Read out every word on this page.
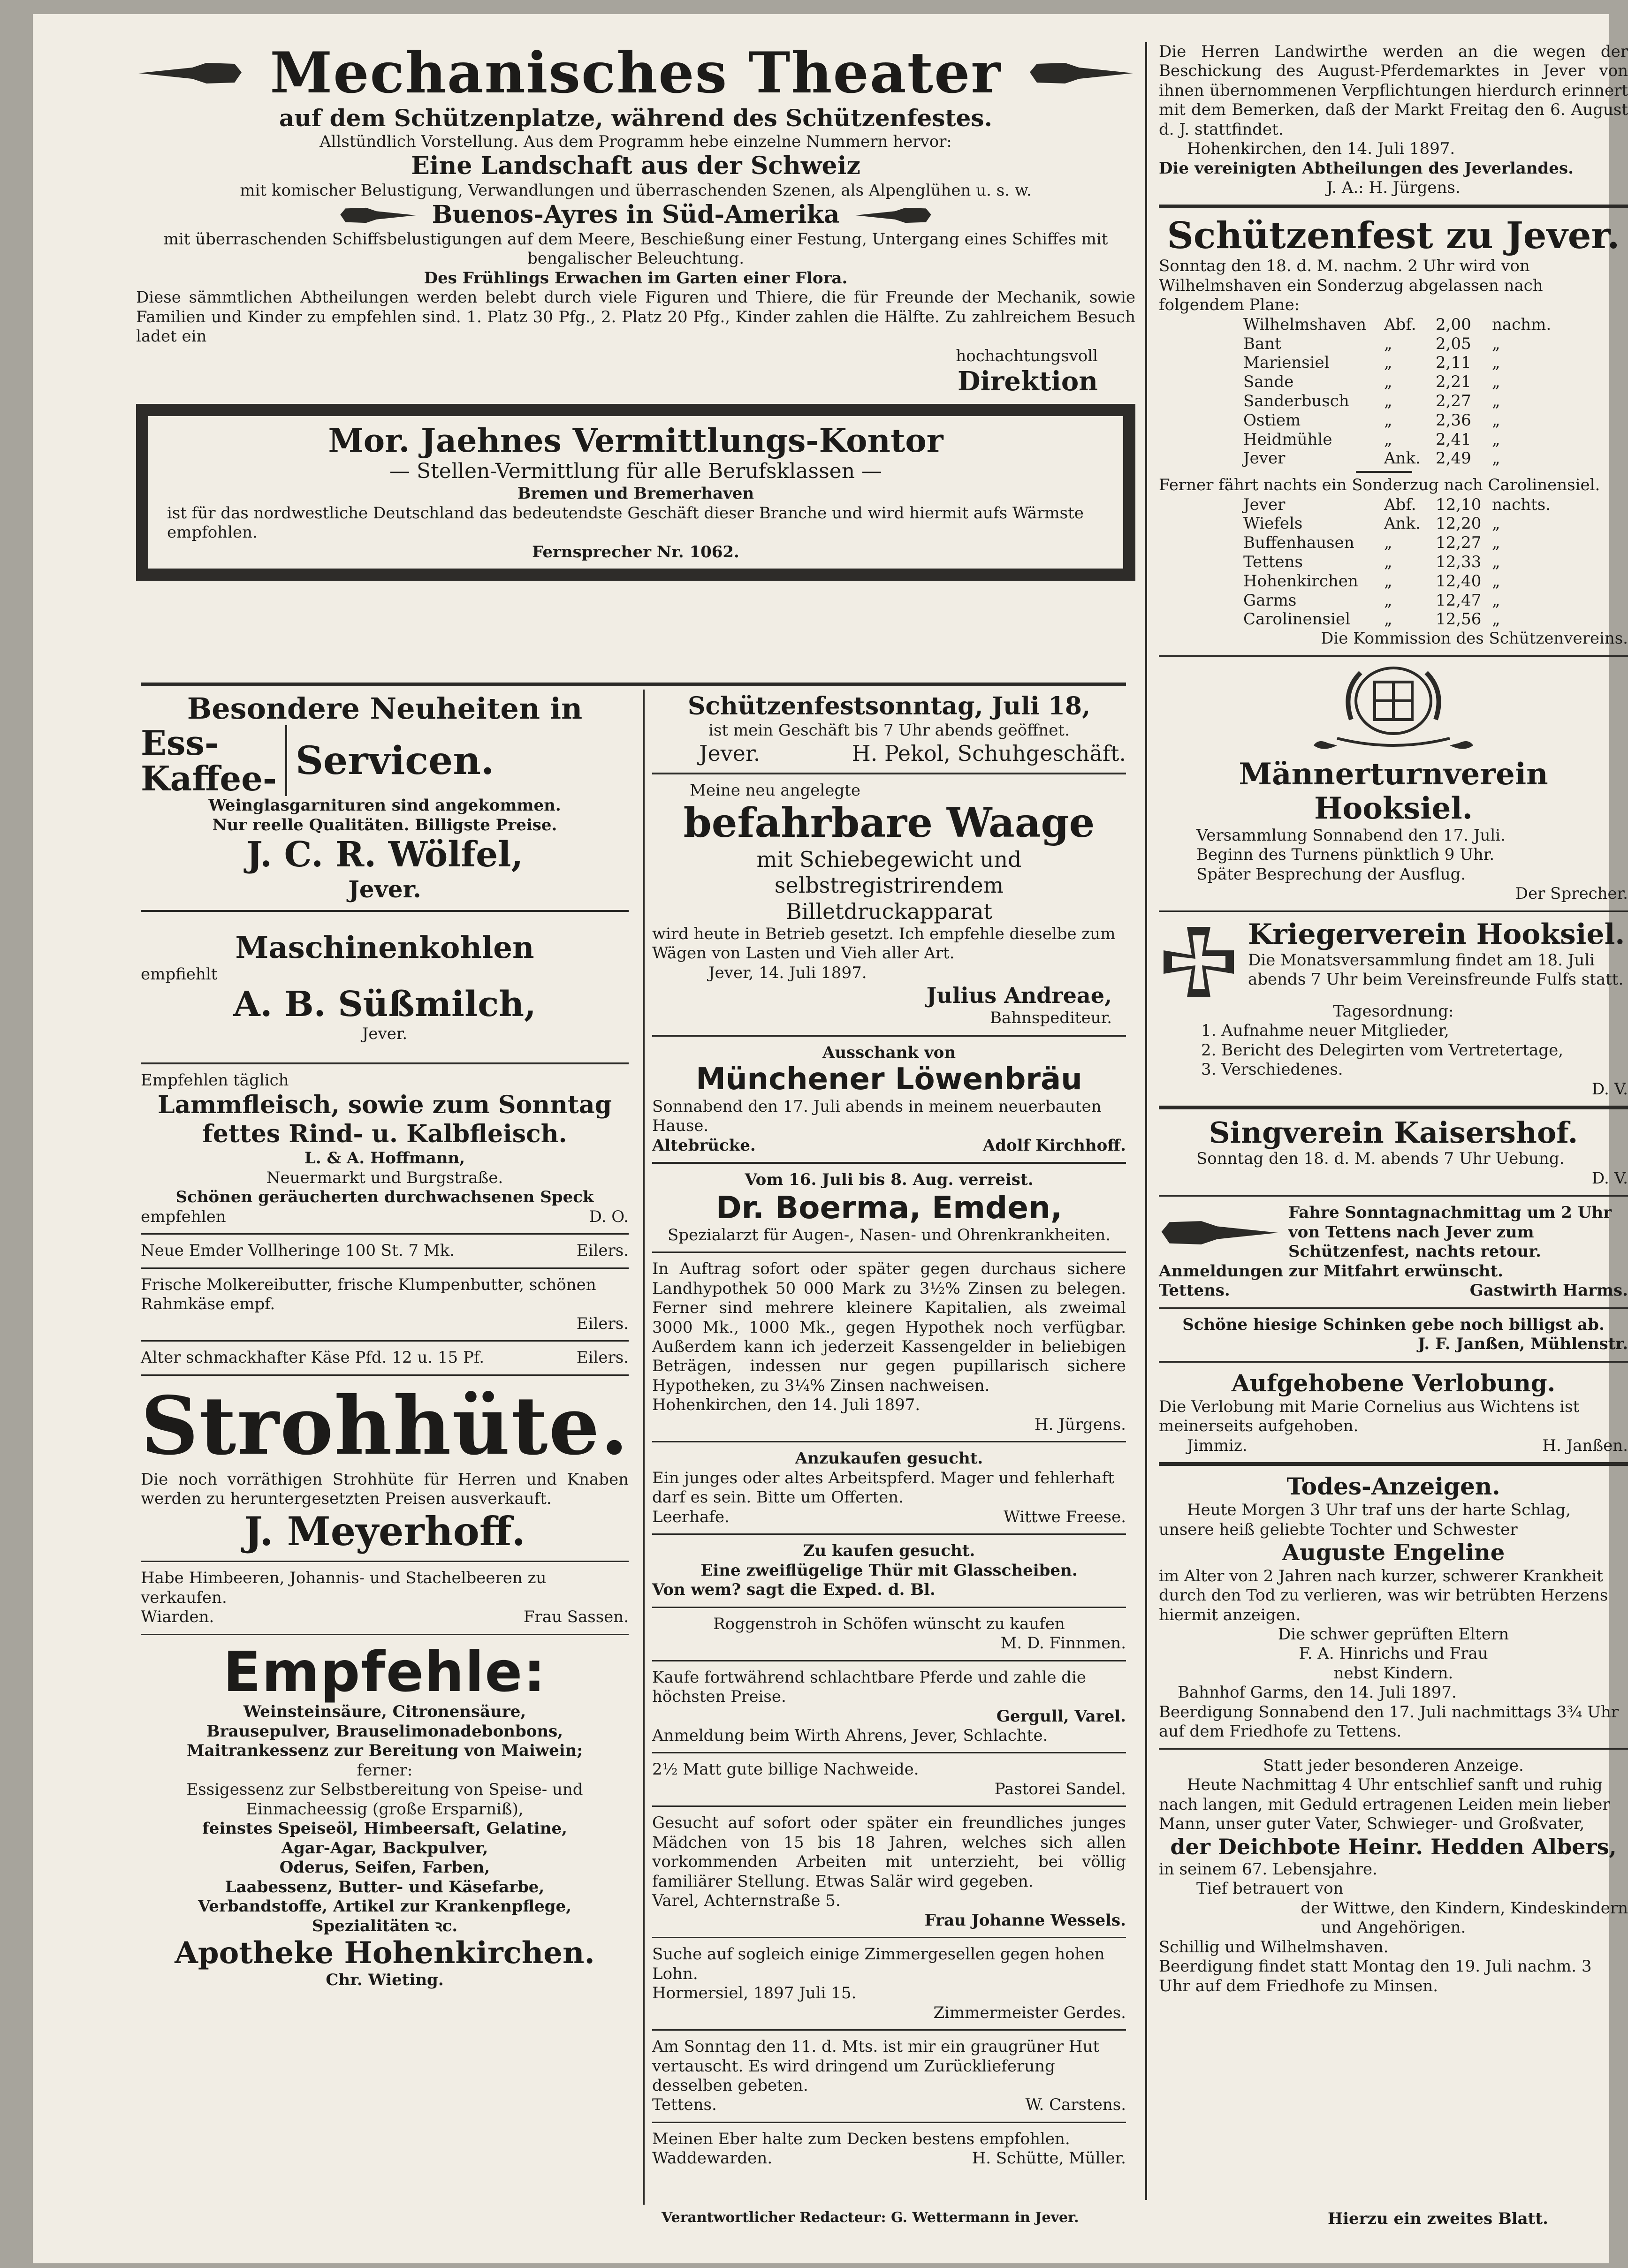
Mechanisches Theater
auf dem Schützenplatze, während des Schützenfestes.
Allstündlich Vorstellung. Aus dem Programm hebe einzelne Nummern hervor:
Eine Landschaft aus der Schweiz
mit komischer Belustigung, Verwandlungen und überraschenden Szenen, als Alpenglühen u. s. w.
Buenos-Ayres in Süd-Amerika
mit überraschenden Schiffsbelustigungen auf dem Meere, Beschießung einer Festung, Untergang eines Schiffes mit bengalischer Beleuchtung.
Des Frühlings Erwachen im Garten einer Flora.
Diese sämmtlichen Abtheilungen werden belebt durch viele Figuren und Thiere, die für Freunde der Mechanik, sowie Familien und Kinder zu empfehlen sind. 1. Platz 30 Pfg., 2. Platz 20 Pfg., Kinder zahlen die Hälfte. Zu zahlreichem Besuch ladet ein
hochachtungsvoll
Direktion
Mor. Jaehnes Vermittlungs-Kontor
— Stellen-Vermittlung für alle Berufsklassen —
Bremen und Bremerhaven
ist für das nordwestliche Deutschland das bedeutendste Geschäft dieser Branche und wird hiermit aufs Wärmste empfohlen.
Fernsprecher Nr. 1062.
Besondere Neuheiten in
Ess-
Kaffee- Servicen.
Weinglasgarnituren sind angekommen.
Nur reelle Qualitäten. Billigste Preise.
J. C. R. Wölfel,
Jever.
Maschinenkohlen
empfiehlt
A. B. Süßmilch,
Jever.
Empfehlen täglich
Lammfleisch, sowie zum Sonntag
fettes Rind- u. Kalbfleisch.
L. & A. Hoffmann,
Neuermarkt und Burgstraße.
Schönen geräucherten durchwachsenen Speck
empfehlen	D. O.
Neue Emder Vollheringe 100 St. 7 Mk.	Eilers.
Frische Molkereibutter, frische Klumpenbutter, schönen Rahmkäse empf.
Eilers.
Alter schmackhafter Käse Pfd. 12 u. 15 Pf.	Eilers.
Strohhüte.
Die noch vorräthigen Strohhüte für Herren und Knaben werden zu heruntergesetzten Preisen ausverkauft.
J. Meyerhoff.
Habe Himbeeren, Johannis- und Stachelbeeren zu verkaufen.
Wiarden.	Frau Sassen.
Empfehle:
Weinsteinsäure, Citronensäure,
Brausepulver, Brauselimonadebonbons,
Maitrankessenz zur Bereitung von Maiwein;
ferner:
Essigessenz zur Selbstbereitung von Speise- und Einmacheessig (große Ersparniß),
feinstes Speiseöl, Himbeersaft, Gelatine,
Agar-Agar, Backpulver,
Oderus, Seifen, Farben,
Laabessenz, Butter- und Käsefarbe,
Verbandstoffe, Artikel zur Krankenpflege,
Spezialitäten ꝛc.
Apotheke Hohenkirchen.
Chr. Wieting.
Schützenfestsonntag, Juli 18,
ist mein Geschäft bis 7 Uhr abends geöffnet.
Jever.	H. Pekol, Schuhgeschäft.
Meine neu angelegte
befahrbare Waage
mit Schiebegewicht und selbstregistrirendem
Billetdruckapparat
wird heute in Betrieb gesetzt. Ich empfehle dieselbe zum Wägen von Lasten und Vieh aller Art.
Jever, 14. Juli 1897.
Julius Andreae,
Bahnspediteur.
Ausschank von
Münchener Löwenbräu
Sonnabend den 17. Juli abends in meinem neuerbauten Hause.
Altebrücke.	Adolf Kirchhoff.
Vom 16. Juli bis 8. Aug. verreist.
Dr. Boerma, Emden,
Spezialarzt für Augen-, Nasen- und Ohrenkrankheiten.
In Auftrag sofort oder später gegen durchaus sichere Landhypothek 50 000 Mark zu 3½% Zinsen zu belegen. Ferner sind mehrere kleinere Kapitalien, als zweimal 3000 Mk., 1000 Mk., gegen Hypothek noch verfügbar. Außerdem kann ich jederzeit Kassengelder in beliebigen Beträgen, indessen nur gegen pupillarisch sichere Hypotheken, zu 3¼% Zinsen nachweisen.
Hohenkirchen, den 14. Juli 1897.
H. Jürgens.
Anzukaufen gesucht.
Ein junges oder altes Arbeitspferd. Mager und fehlerhaft darf es sein. Bitte um Offerten.
Leerhafe.	Wittwe Freese.
Zu kaufen gesucht.
Eine zweiflügelige Thür mit Glasscheiben.
Von wem? sagt die Exped. d. Bl.
Roggenstroh in Schöfen wünscht zu kaufen
M. D. Finnmen.
Kaufe fortwährend schlachtbare Pferde und zahle die höchsten Preise.
Gergull, Varel.
Anmeldung beim Wirth Ahrens, Jever, Schlachte.
2½ Matt gute billige Nachweide.
Pastorei Sandel.
Gesucht auf sofort oder später ein freundliches junges Mädchen von 15 bis 18 Jahren, welches sich allen vorkommenden Arbeiten mit unterzieht, bei völlig familiärer Stellung. Etwas Salär wird gegeben.
Varel, Achternstraße 5.
Frau Johanne Wessels.
Suche auf sogleich einige Zimmergesellen gegen hohen Lohn.
Hormersiel, 1897 Juli 15.
Zimmermeister Gerdes.
Am Sonntag den 11. d. Mts. ist mir ein graugrüner Hut vertauscht. Es wird dringend um Zurücklieferung desselben gebeten.
Tettens.	W. Carstens.
Meinen Eber halte zum Decken bestens empfohlen.
Waddewarden.	H. Schütte, Müller.
Die Herren Landwirthe werden an die wegen der Beschickung des August-Pferdemarktes in Jever von ihnen übernommenen Verpflichtungen hierdurch erinnert mit dem Bemerken, daß der Markt Freitag den 6. August d. J. stattfindet.
Hohenkirchen, den 14. Juli 1897.
Die vereinigten Abtheilungen des Jeverlandes.
J. A.: H. Jürgens.
Schützenfest zu Jever.
Sonntag den 18. d. M. nachm. 2 Uhr wird von Wilhelmshaven ein Sonderzug abgelassen nach folgendem Plane:
Wilhelmshaven	Abf.	2,00	nachm.
Bant	„	2,05	„
Mariensiel	„	2,11	„
Sande	„	2,21	„
Sanderbusch	„	2,27	„
Ostiem	„	2,36	„
Heidmühle	„	2,41	„
Jever	Ank. 2,49	„
Ferner fährt nachts ein Sonderzug nach Carolinensiel.
Jever	Abf.	12,10 nachts.
Wiefels	Ank. 12,20 „
Buffenhausen	„	12,27 „
Tettens	„	12,33 „
Hohenkirchen	„	12,40 „
Garms	„	12,47 „
Carolinensiel	„	12,56 „
Die Kommission des Schützenvereins.
Männerturnverein Hooksiel.
Versammlung Sonnabend den 17. Juli.
Beginn des Turnens pünktlich 9 Uhr.
Später Besprechung der Ausflug.
Der Sprecher.
Kriegerverein Hooksiel.
Die Monatsversammlung findet am 18. Juli abends 7 Uhr beim Vereinsfreunde Fulfs statt.
Tagesordnung:
1. Aufnahme neuer Mitglieder,
2. Bericht des Delegirten vom Vertretertage,
3. Verschiedenes.
D. V.
Singverein Kaisershof.
Sonntag den 18. d. M. abends 7 Uhr Uebung.
D. V.
Fahre Sonntagnachmittag um 2 Uhr von Tettens nach Jever zum Schützenfest, nachts retour.
Anmeldungen zur Mitfahrt erwünscht.
Tettens.	Gastwirth Harms.
Schöne hiesige Schinken gebe noch billigst ab.
J. F. Janßen, Mühlenstr.
Aufgehobene Verlobung.
Die Verlobung mit Marie Cornelius aus Wichtens ist meinerseits aufgehoben.
Jimmiz.	H. Janßen.
Todes-Anzeigen.
Heute Morgen 3 Uhr traf uns der harte Schlag, unsere heiß geliebte Tochter und Schwester
Auguste Engeline
im Alter von 2 Jahren nach kurzer, schwerer Krankheit durch den Tod zu verlieren, was wir betrübten Herzens hiermit anzeigen.
Die schwer geprüften Eltern
F. A. Hinrichs und Frau
nebst Kindern.
Bahnhof Garms, den 14. Juli 1897.
Beerdigung Sonnabend den 17. Juli nachmittags 3¾ Uhr auf dem Friedhofe zu Tettens.
Statt jeder besonderen Anzeige.
Heute Nachmittag 4 Uhr entschlief sanft und ruhig nach langen, mit Geduld ertragenen Leiden mein lieber Mann, unser guter Vater, Schwieger- und Großvater,
der Deichbote Heinr. Hedden Albers,
in seinem 67. Lebensjahre.
Tief betrauert von
der Wittwe, den Kindern, Kindeskindern
und Angehörigen.
Schillig und Wilhelmshaven.
Beerdigung findet statt Montag den 19. Juli nachm. 3 Uhr auf dem Friedhofe zu Minsen.
Verantwortlicher Redacteur: G. Wettermann in Jever.	Hierzu ein zweites Blatt.
